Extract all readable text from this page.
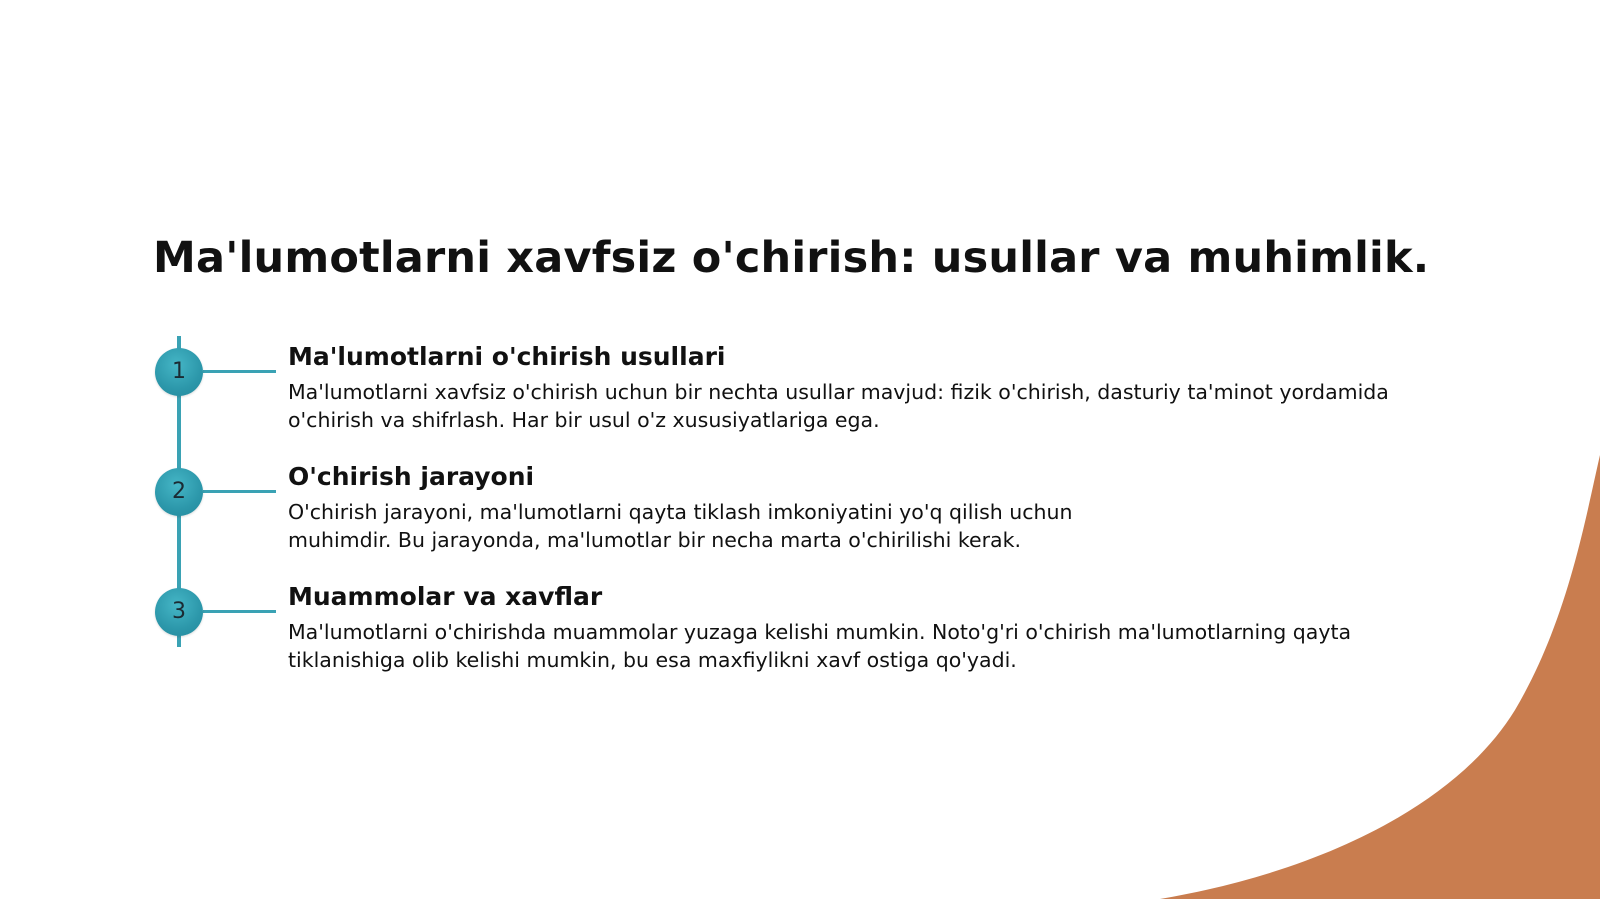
Ma'lumotlarni xavfsiz o'chirish: usullar va muhimlik.
1
Ma'lumotlarni o'chirish usullari

Ma'lumotlarni xavfsiz o'chirish uchun bir nechta usullar mavjud: fizik o'chirish, dasturiy ta'minot yordamida o'chirish va shifrlash. Har bir usul o'z xususiyatlariga ega.

2
O'chirish jarayoni

O'chirish jarayoni, ma'lumotlarni qayta tiklash imkoniyatini yo'q qilish uchun muhimdir. Bu jarayonda, ma'lumotlar bir necha marta o'chirilishi kerak.

3
Muammolar va xavflar

Ma'lumotlarni o'chirishda muammolar yuzaga kelishi mumkin. Noto'g'ri o'chirish ma'lumotlarning qayta tiklanishiga olib kelishi mumkin, bu esa maxfiylikni xavf ostiga qo'yadi.
